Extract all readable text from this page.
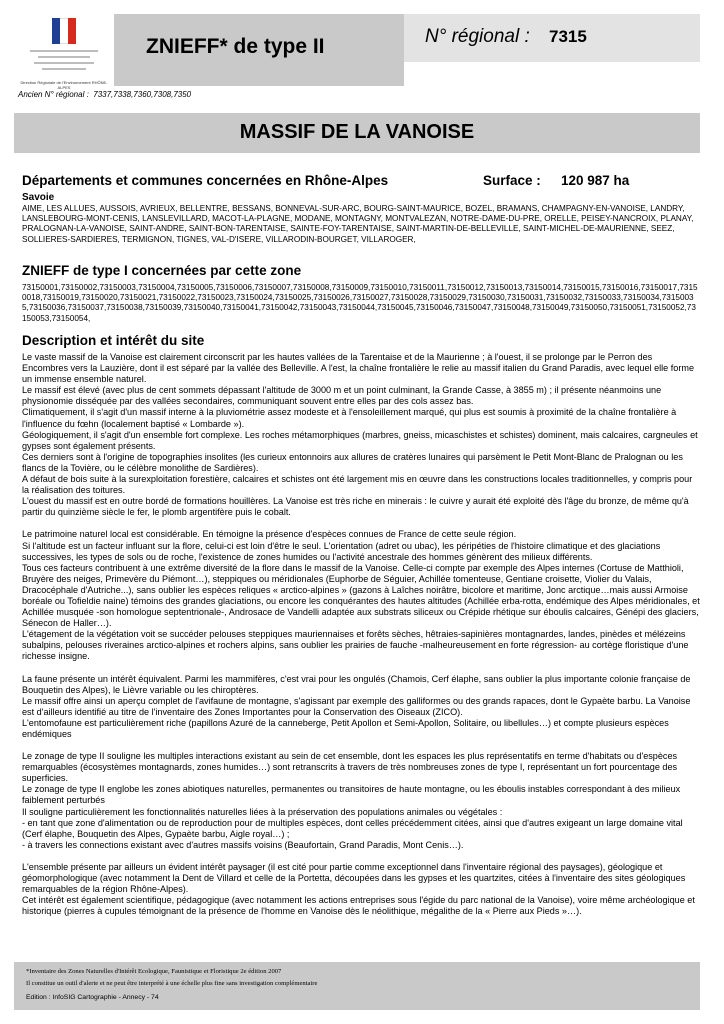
Direction Régionale de l'Environnement RHÔNE-ALPES
ZNIEFF* de type II	N° régional : 7315
Ancien N° régional : 7337,7338,7360,7308,7350
MASSIF DE LA VANOISE
Départements et communes concernées en Rhône-Alpes	Surface : 120 987 ha
Savoie

AIME, LES ALLUES, AUSSOIS, AVRIEUX, BELLENTRE, BESSANS, BONNEVAL-SUR-ARC, BOURG-SAINT-MAURICE, BOZEL, BRAMANS, CHAMPAGNY-EN-VANOISE, LANDRY, LANSLEBOURG-MONT-CENIS, LANSLEVILLARD, MACOT-LA-PLAGNE, MODANE, MONTAGNY, MONTVALEZAN, NOTRE-DAME-DU-PRE, ORELLE, PEISEY-NANCROIX, PLANAY, PRALOGNAN-LA-VANOISE, SAINT-ANDRE, SAINT-BON-TARENTAISE, SAINTE-FOY-TARENTAISE, SAINT-MARTIN-DE-BELLEVILLE, SAINT-MICHEL-DE-MAURIENNE, SEEZ, SOLLIERES-SARDIERES, TERMIGNON, TIGNES, VAL-D'ISERE, VILLARODIN-BOURGET, VILLAROGER,

ZNIEFF de type I concernées par cette zone

73150001,73150002,73150003,73150004,73150005,73150006,73150007,73150008,73150009,73150010,73150011,73150012,73150013,73150014,73150015,73150016,73150017,73150018,73150019,73150020,73150021,73150022,73150023,73150024,73150025,73150026,73150027,73150028,73150029,73150030,73150031,73150032,73150033,73150034,73150035,73150036,73150037,73150038,73150039,73150040,73150041,73150042,73150043,73150044,73150045,73150046,73150047,73150048,73150049,73150050,73150051,73150052,73150053,73150054,

Description et intérêt du site

Le vaste massif de la Vanoise est clairement circonscrit par les hautes vallées de la Tarentaise et de la Maurienne ; à l'ouest, il se prolonge par le Perron des Encombres vers la Lauzière, dont il est séparé par la vallée des Belleville. A l'est, la chaîne frontalière le relie au massif italien du Grand Paradis, avec lequel elle forme un immense ensemble naturel.

Le massif est élevé (avec plus de cent sommets dépassant l'altitude de 3000 m et un point culminant, la Grande Casse, à 3855 m) ; il présente néanmoins une physionomie disséquée par des vallées secondaires, communiquant souvent entre elles par des cols assez bas.

Climatiquement, il s'agit d'un massif interne à la pluviométrie assez modeste et à l'ensoleillement marqué, qui plus est soumis à proximité de la chaîne frontalière à l'influence du fœhn (localement baptisé « Lombarde »).

Géologiquement, il s'agit d'un ensemble fort complexe. Les roches métamorphiques (marbres, gneiss, micaschistes et schistes) dominent, mais calcaires, cargneules et gypses sont également présents.

Ces derniers sont à l'origine de topographies insolites (les curieux entonnoirs aux allures de cratères lunaires qui parsèment le Petit Mont-Blanc de Pralognan ou les flancs de la Tovière, ou le célèbre monolithe de Sardières).

A défaut de bois suite à la surexploitation forestière, calcaires et schistes ont été largement mis en œuvre dans les constructions locales traditionnelles, y compris pour la réalisation des toitures.

L'ouest du massif est en outre bordé de formations houillères. La Vanoise est très riche en minerais : le cuivre y aurait été exploité dès l'âge du bronze, de même qu'à partir du quinzième siècle le fer, le plomb argentifère puis le cobalt.

Le patrimoine naturel local est considérable. En témoigne la présence d'espèces connues de France de cette seule région.

Si l'altitude est un facteur influant sur la flore, celui-ci est loin d'être le seul. L'orientation (adret ou ubac), les péripéties de l'histoire climatique et des glaciations successives, les types de sols ou de roche, l'existence de zones humides ou l'activité ancestrale des hommes génèrent des milieux différents.

Tous ces facteurs contribuent à une extrême diversité de la flore dans le massif de la Vanoise. Celle-ci compte par exemple des Alpes internes (Cortuse de Matthioli, Bruyère des neiges, Primevère du Piémont…), steppiques ou méridionales (Euphorbe de Séguier, Achillée tomenteuse, Gentiane croisette, Violier du Valais, Dracocéphale d'Autriche...), sans oublier les espèces reliques « arctico-alpines » (gazons à Laîches noirâtre, bicolore et maritime, Jonc arctique…mais aussi Armoise boréale ou Tofieldie naine) témoins des grandes glaciations, ou encore les conquérantes des hautes altitudes (Achillée erba-rotta, endémique des Alpes méridionales, et Achillée musquée -son homologue septentrionale-, Androsace de Vandelli adaptée aux substrats siliceux ou Crépide rhétique sur éboulis calcaires, Génépi des glaciers, Sénecon de Haller…).

L'étagement de la végétation voit se succéder pelouses steppiques mauriennaises et forêts sèches, hêtraies-sapinières montagnardes, landes, pinèdes et mélézeins subalpins, pelouses riveraines arctico-alpines et rochers alpins, sans oublier les prairies de fauche -malheureusement en forte régression- au cortège floristique d'une richesse insigne.

La faune présente un intérêt équivalent. Parmi les mammifères, c'est vrai pour les ongulés (Chamois, Cerf élaphe, sans oublier la plus importante colonie française de Bouquetin des Alpes), le Lièvre variable ou les chiroptères.

Le massif offre ainsi un aperçu complet de l'avifaune de montagne, s'agissant par exemple des galliformes ou des grands rapaces, dont le Gypaète barbu. La Vanoise est d'ailleurs identifié au titre de l'inventaire des Zones Importantes pour la Conservation des Oiseaux (ZICO).

L'entomofaune est particulièrement riche (papillons Azuré de la canneberge, Petit Apollon et Semi-Apollon, Solitaire, ou libellules…) et compte plusieurs espèces endémiques

Le zonage de type II souligne les multiples interactions existant au sein de cet ensemble, dont les espaces les plus représentatifs en terme d'habitats ou d'espèces remarquables (écosystèmes montagnards, zones humides…) sont retranscrits à travers de très nombreuses zones de type I, représentant un fort pourcentage des superficies.

Le zonage de type II englobe les zones abiotiques naturelles, permanentes ou transitoires de haute montagne, ou les éboulis instables correspondant à des milieux faiblement perturbés

Il souligne particulièrement les fonctionnalités naturelles liées à la préservation des populations animales ou végétales :

- en tant que zone d'alimentation ou de reproduction pour de multiples espèces, dont celles précédemment citées, ainsi que d'autres exigeant un large domaine vital (Cerf élaphe, Bouquetin des Alpes, Gypaète barbu, Aigle royal…) ;

- à travers les connections existant avec d'autres massifs voisins (Beaufortain, Grand Paradis, Mont Cenis…).

L'ensemble présente par ailleurs un évident intérêt paysager (il est cité pour partie comme exceptionnel dans l'inventaire régional des paysages), géologique et géomorphologique (avec notamment la Dent de Villard et celle de la Portetta, découpées dans les gypses et les quartzites, citées à l'inventaire des sites géologiques remarquables de la région Rhône-Alpes).

Cet intérêt est également scientifique, pédagogique (avec notamment les actions entreprises sous l'égide du parc national de la Vanoise), voire même archéologique et historique (pierres à cupules témoignant de la présence de l'homme en Vanoise dès le néolithique, mégalithe de la « Pierre aux Pieds »…).

*Inventaire des Zones Naturelles d'Intérêt Ecologique, Faunistique et Floristique 2e édition 2007
Il constitue un outil d'alerte et ne peut être interprété à une échelle plus fine sans investigation complémentaire
Edition : InfoSIG Cartographie - Annecy - 74
